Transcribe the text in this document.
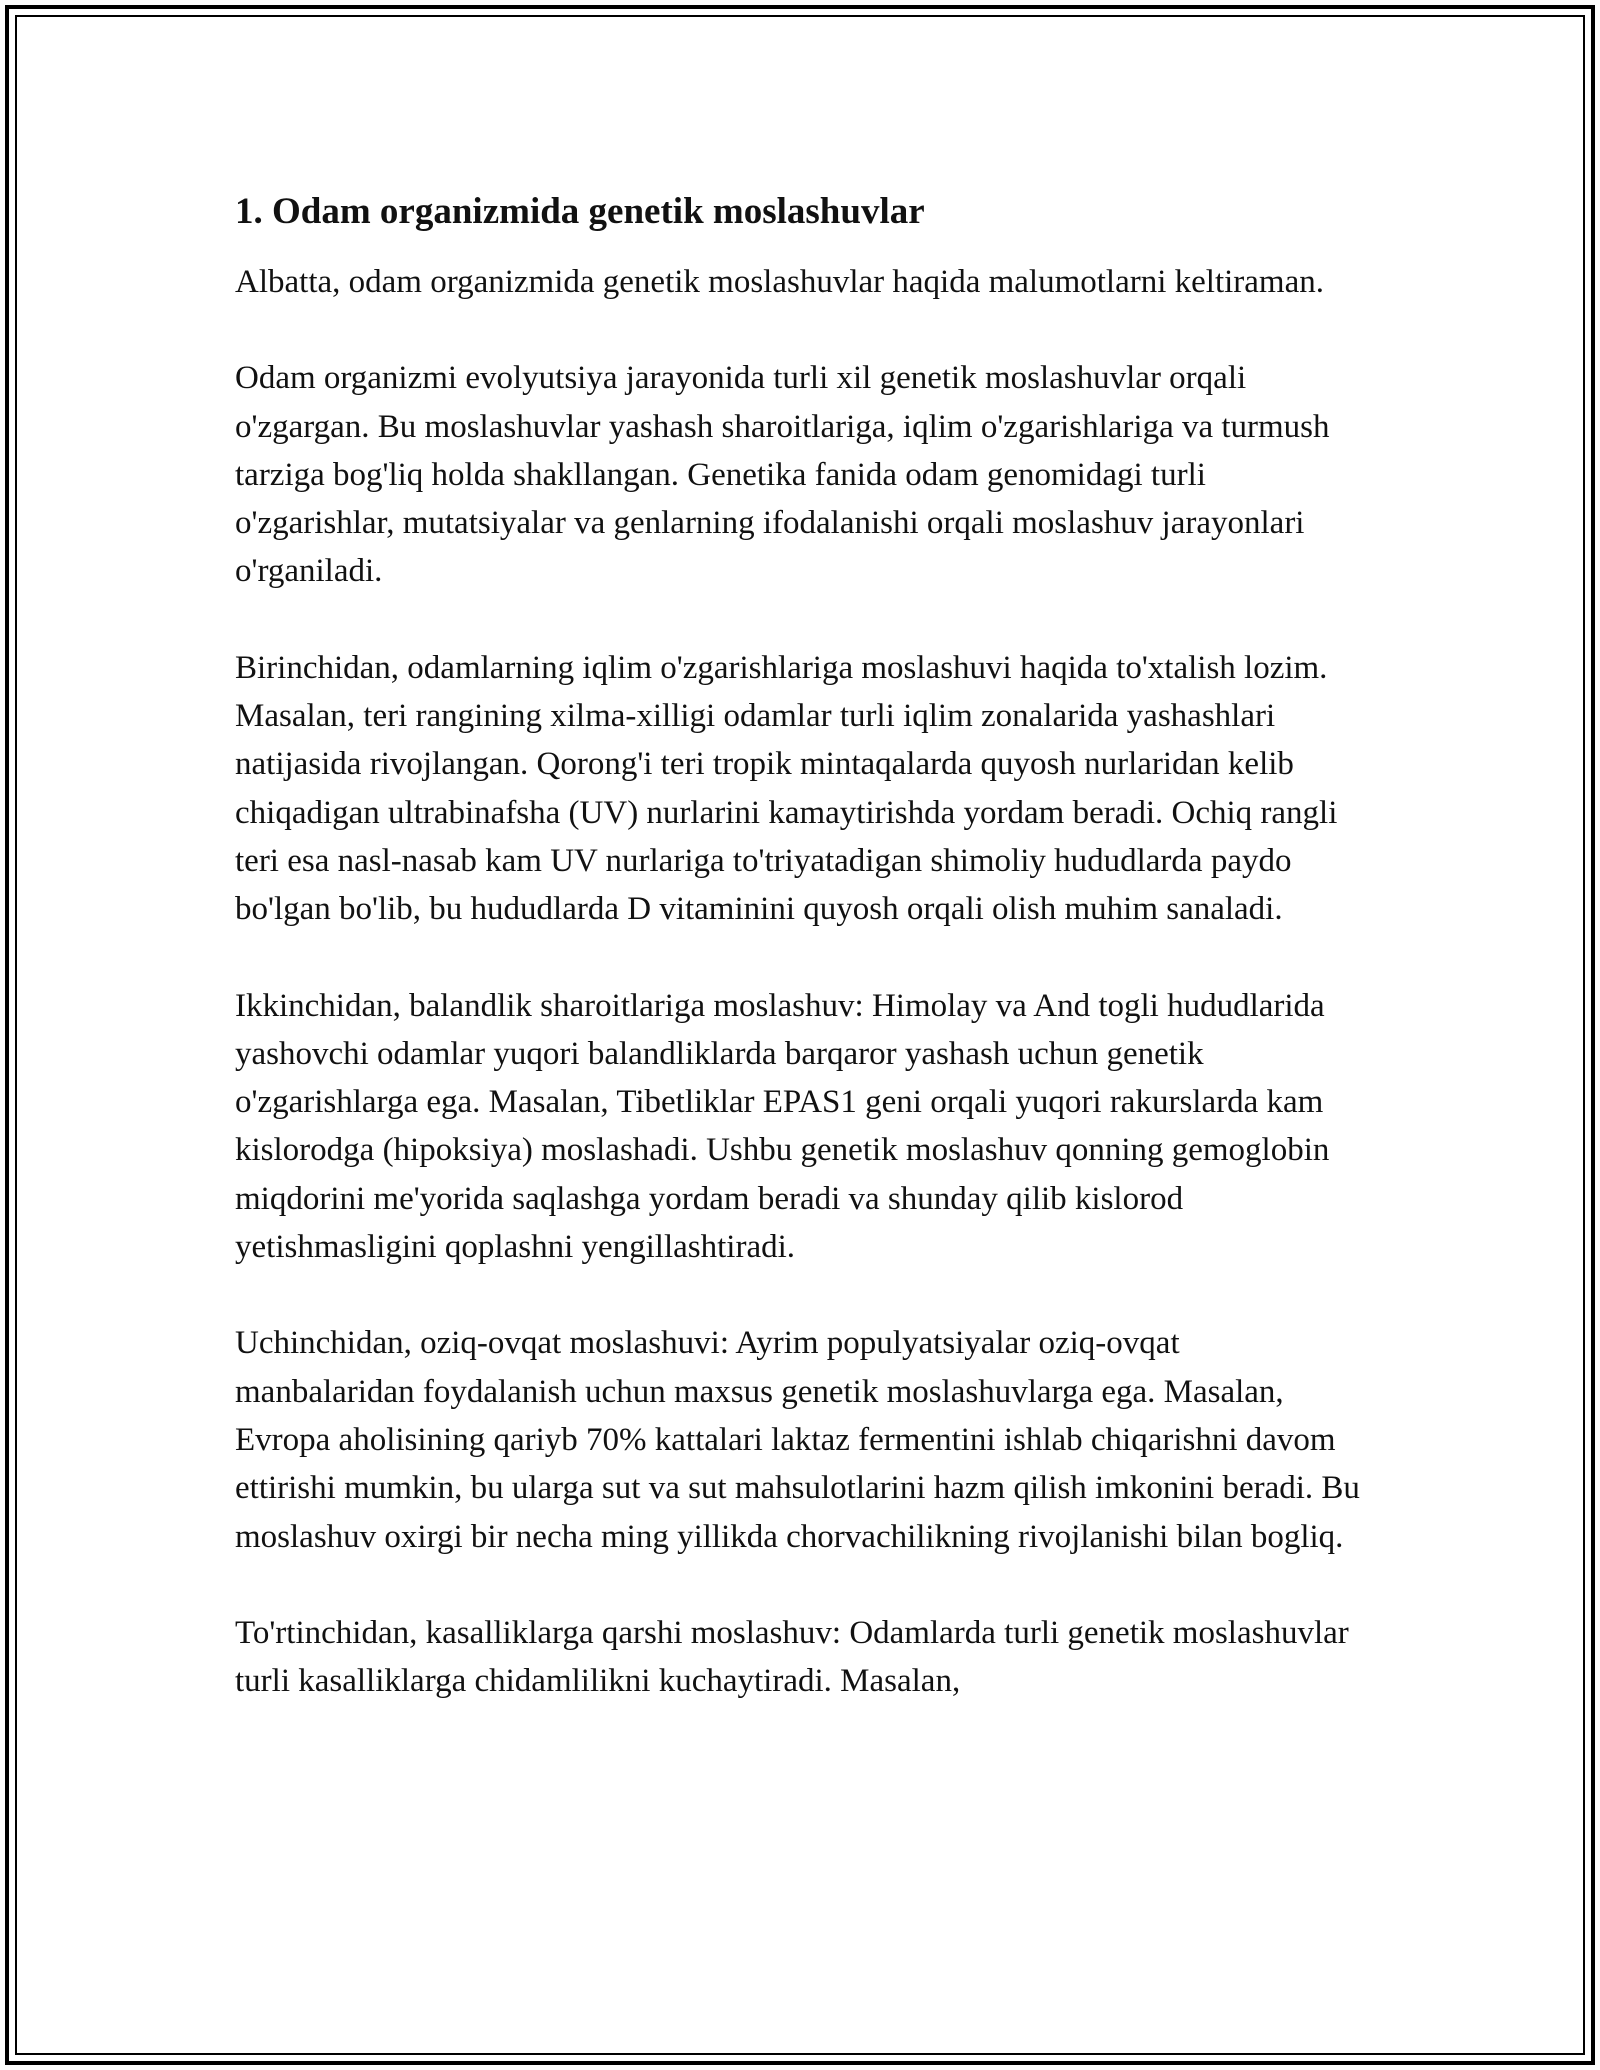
1. Odam organizmida genetik moslashuvlar

Albatta, odam organizmida genetik moslashuvlar haqida malumotlarni keltiraman.

Odam organizmi evolyutsiya jarayonida turli xil genetik moslashuvlar orqali o'zgargan. Bu moslashuvlar yashash sharoitlariga, iqlim o'zgarishlariga va turmush tarziga bog'liq holda shakllangan. Genetika fanida odam genomidagi turli o'zgarishlar, mutatsiyalar va genlarning ifodalanishi orqali moslashuv jarayonlari o'rganiladi.

Birinchidan, odamlarning iqlim o'zgarishlariga moslashuvi haqida to'xtalish lozim. Masalan, teri rangining xilma-xilligi odamlar turli iqlim zonalarida yashashlari natijasida rivojlangan. Qorong'i teri tropik mintaqalarda quyosh nurlaridan kelib chiqadigan ultrabinafsha (UV) nurlarini kamaytirishda yordam beradi. Ochiq rangli teri esa nasl-nasab kam UV nurlariga to'triyatadigan shimoliy hududlarda paydo bo'lgan bo'lib, bu hududlarda D vitaminini quyosh orqali olish muhim sanaladi.

Ikkinchidan, balandlik sharoitlariga moslashuv: Himolay va And togli hududlarida yashovchi odamlar yuqori balandliklarda barqaror yashash uchun genetik o'zgarishlarga ega. Masalan, Tibetliklar EPAS1 geni orqali yuqori rakurslarda kam kislorodga (hipoksiya) moslashadi. Ushbu genetik moslashuv qonning gemoglobin miqdorini me'yorida saqlashga yordam beradi va shunday qilib kislorod yetishmasligini qoplashni yengillashtiradi.

Uchinchidan, oziq-ovqat moslashuvi: Ayrim populyatsiyalar oziq-ovqat manbalaridan foydalanish uchun maxsus genetik moslashuvlarga ega. Masalan, Evropa aholisining qariyb 70% kattalari laktaz fermentini ishlab chiqarishni davom ettirishi mumkin, bu ularga sut va sut mahsulotlarini hazm qilish imkonini beradi. Bu moslashuv oxirgi bir necha ming yillikda chorvachilikning rivojlanishi bilan bogliq.

To'rtinchidan, kasalliklarga qarshi moslashuv: Odamlarda turli genetik moslashuvlar turli kasalliklarga chidamlilikni kuchaytiradi. Masalan,
